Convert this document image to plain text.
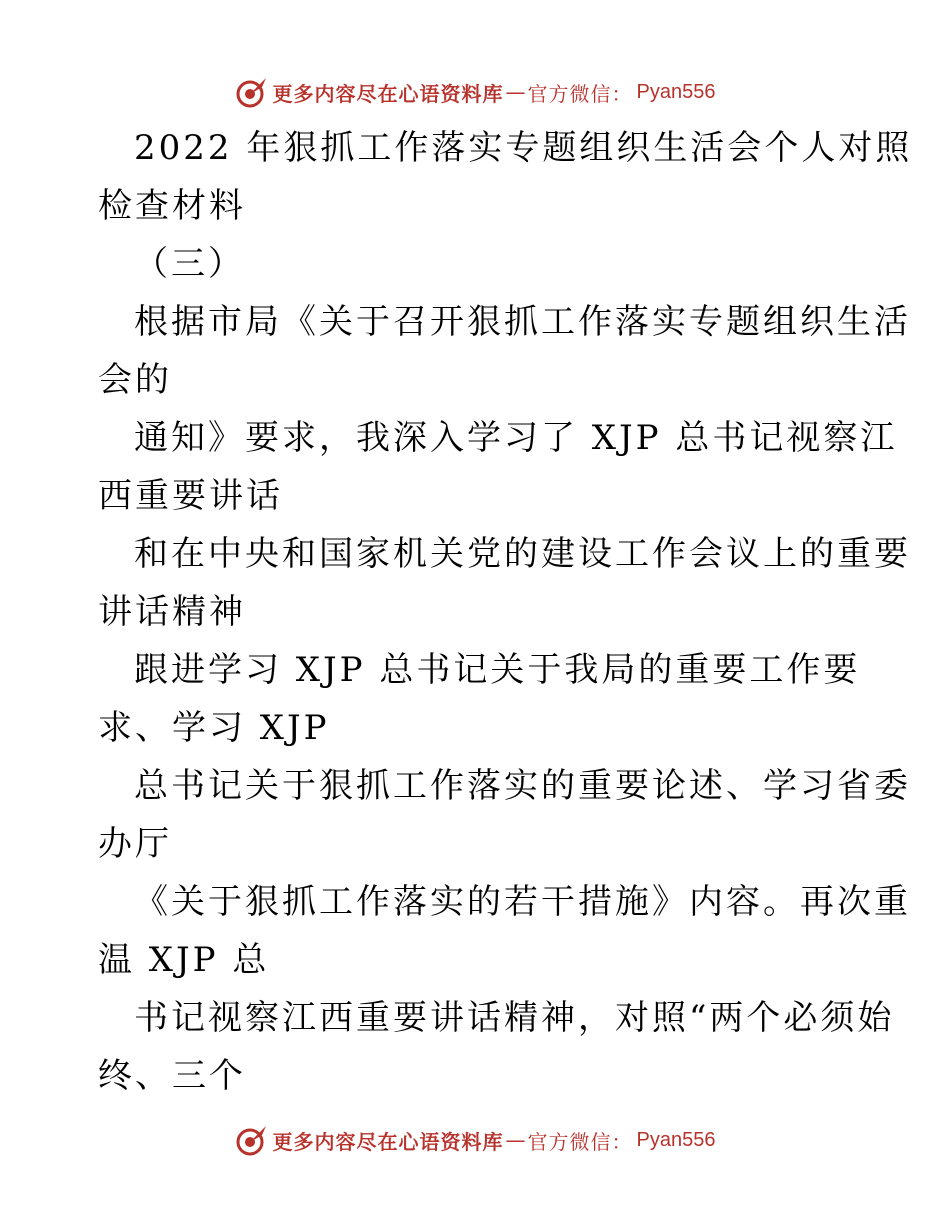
更多内容尽在心语资料库 — 官方微信： Pyan556
2022 年狠抓工作落实专题组织生活会个人对照
检查材料
（三）
根据市局《关于召开狠抓工作落实专题组织生活
会的
通知》要求，我深入学习了 XJP 总书记视察江
西重要讲话
和在中央和国家机关党的建设工作会议上的重要
讲话精神
跟进学习 XJP 总书记关于我局的重要工作要
求、学习 XJP
总书记关于狠抓工作落实的重要论述、学习省委
办厅
《关于狠抓工作落实的若干措施》内容。再次重
温 XJP 总
书记视察江西重要讲话精神，对照“两个必须始
终、三个
更多内容尽在心语资料库 — 官方微信： Pyan556
